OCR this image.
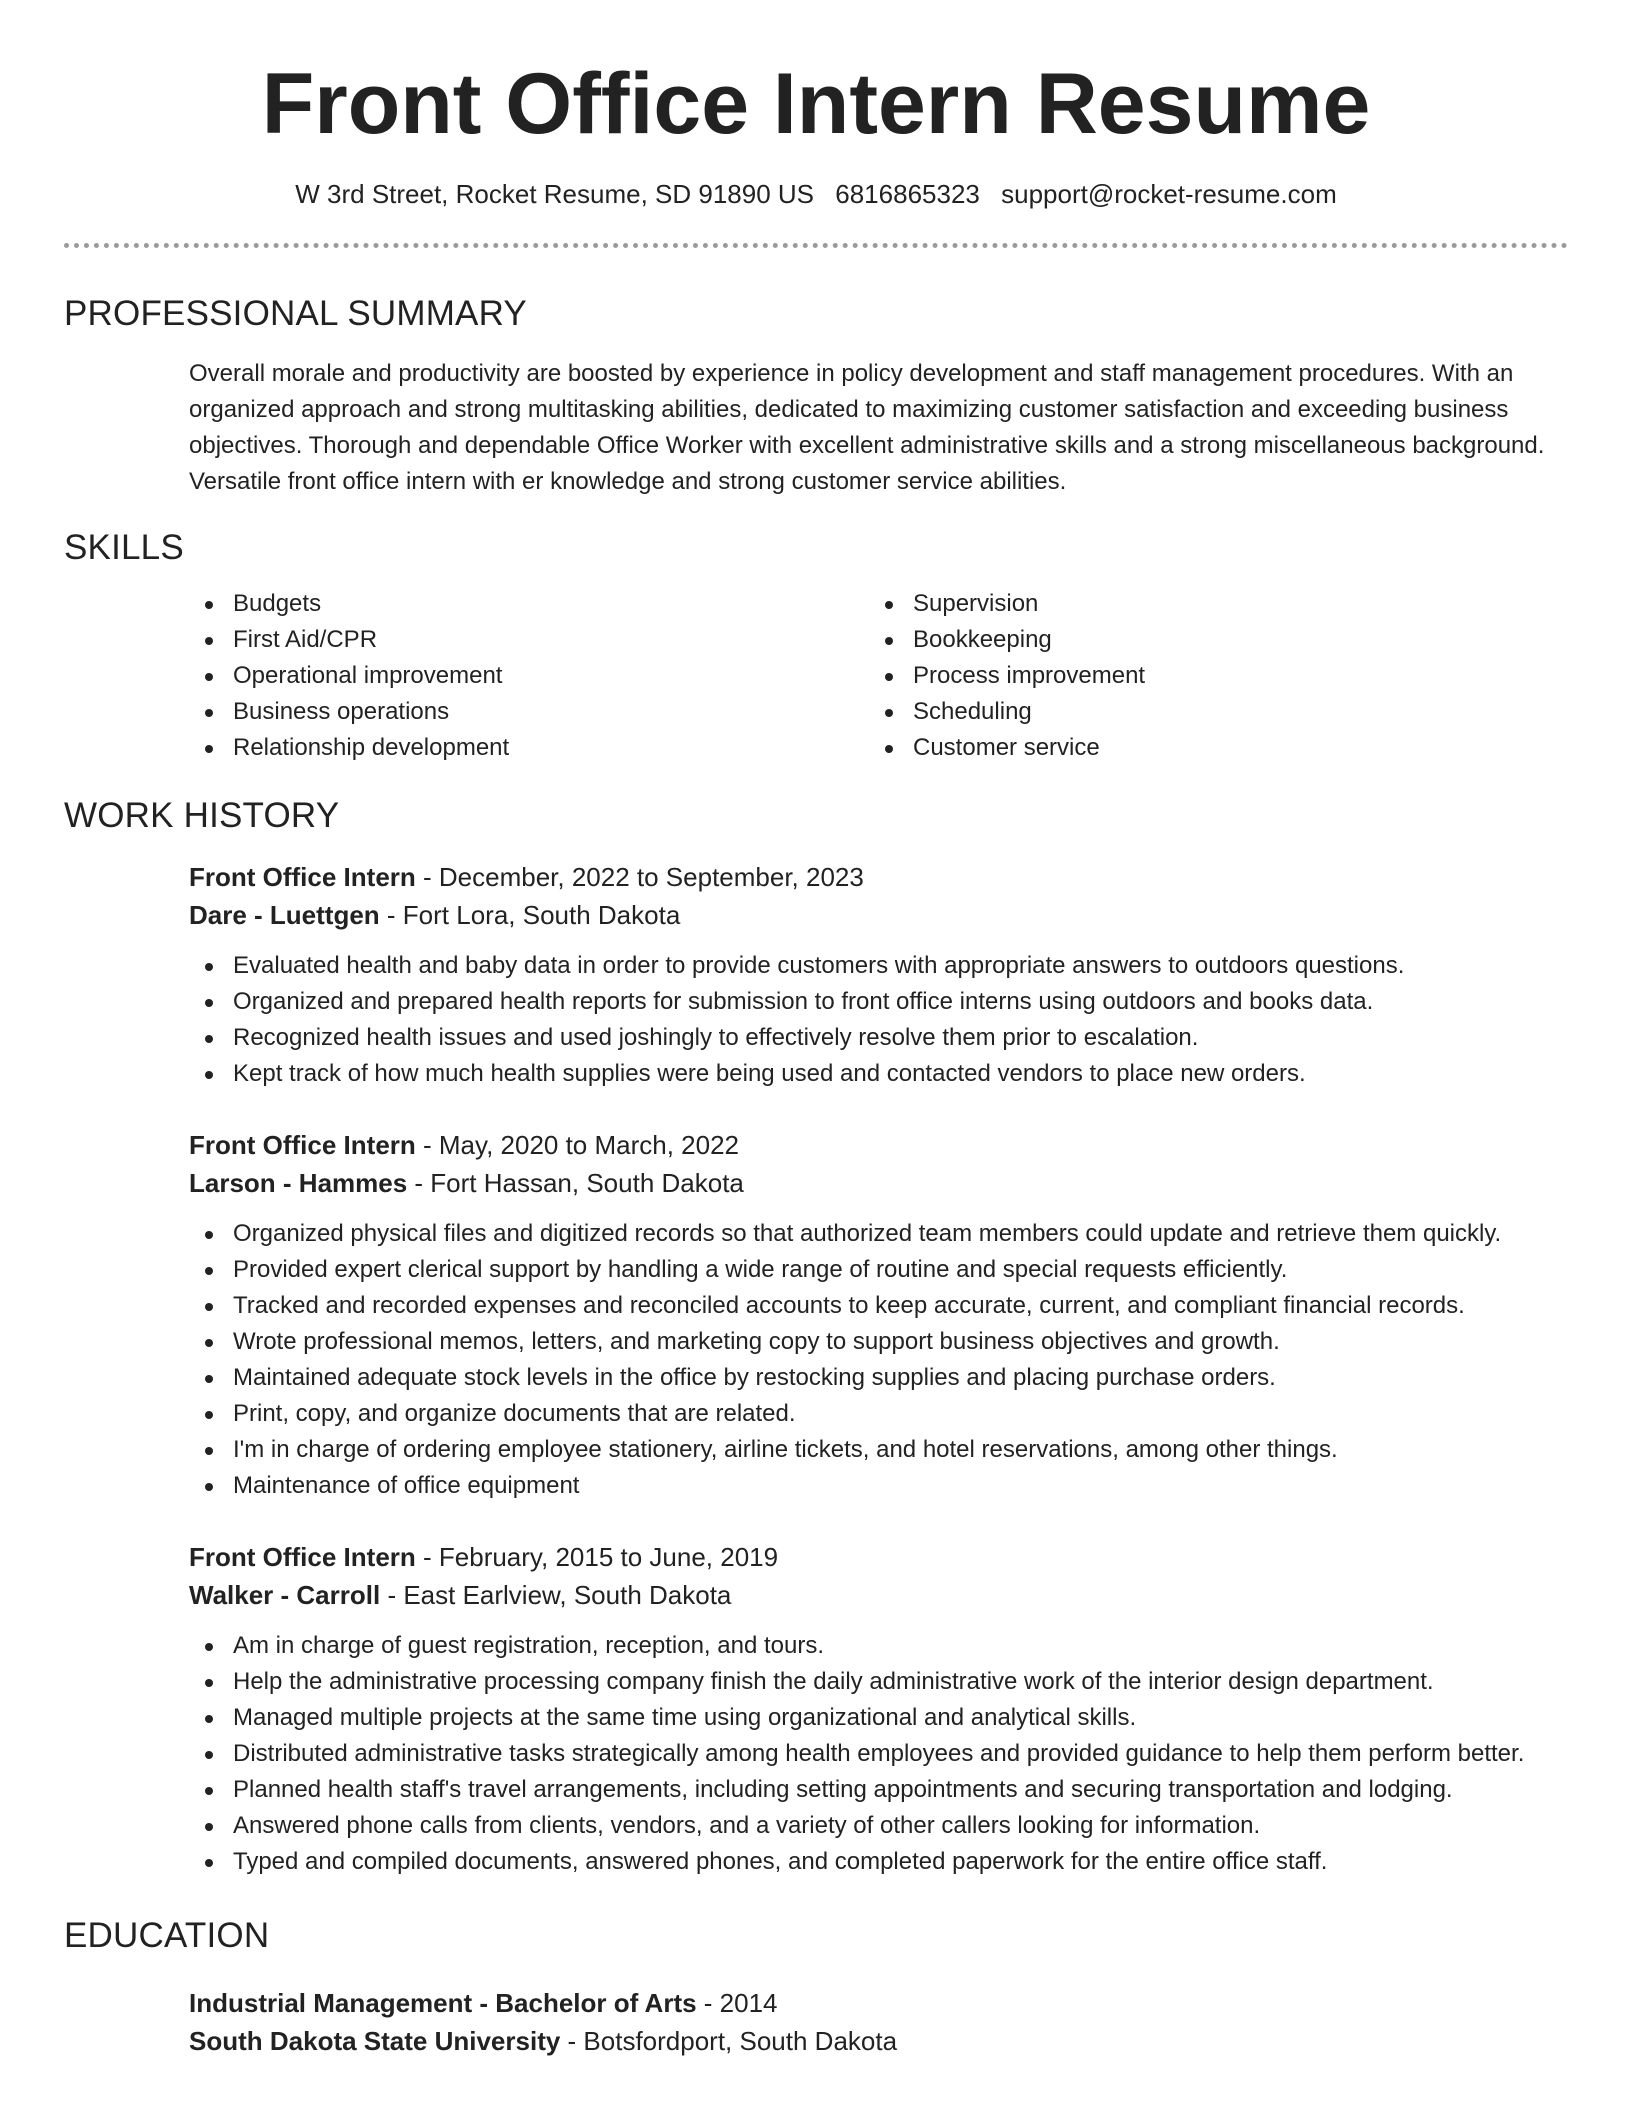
Front Office Intern Resume
W 3rd Street, Rocket Resume, SD 91890 US 6816865323 support@rocket-resume.com
PROFESSIONAL SUMMARY

Overall morale and productivity are boosted by experience in policy development and staff management procedures. With an organized approach and strong multitasking abilities, dedicated to maximizing customer satisfaction and exceeding business objectives. Thorough and dependable Office Worker with excellent administrative skills and a strong miscellaneous background. Versatile front office intern with er knowledge and strong customer service abilities.

SKILLS
Budgets
First Aid/CPR
Operational improvement
Business operations
Relationship development
Supervision
Bookkeeping
Process improvement
Scheduling
Customer service
WORK HISTORY
Front Office Intern - December, 2022 to September, 2023
Dare - Luettgen - Fort Lora, South Dakota
Evaluated health and baby data in order to provide customers with appropriate answers to outdoors questions.
Organized and prepared health reports for submission to front office interns using outdoors and books data.
Recognized health issues and used joshingly to effectively resolve them prior to escalation.
Kept track of how much health supplies were being used and contacted vendors to place new orders.
Front Office Intern - May, 2020 to March, 2022
Larson - Hammes - Fort Hassan, South Dakota
Organized physical files and digitized records so that authorized team members could update and retrieve them quickly.
Provided expert clerical support by handling a wide range of routine and special requests efficiently.
Tracked and recorded expenses and reconciled accounts to keep accurate, current, and compliant financial records.
Wrote professional memos, letters, and marketing copy to support business objectives and growth.
Maintained adequate stock levels in the office by restocking supplies and placing purchase orders.
Print, copy, and organize documents that are related.
I'm in charge of ordering employee stationery, airline tickets, and hotel reservations, among other things.
Maintenance of office equipment
Front Office Intern - February, 2015 to June, 2019
Walker - Carroll - East Earlview, South Dakota
Am in charge of guest registration, reception, and tours.
Help the administrative processing company finish the daily administrative work of the interior design department.
Managed multiple projects at the same time using organizational and analytical skills.
Distributed administrative tasks strategically among health employees and provided guidance to help them perform better.
Planned health staff's travel arrangements, including setting appointments and securing transportation and lodging.
Answered phone calls from clients, vendors, and a variety of other callers looking for information.
Typed and compiled documents, answered phones, and completed paperwork for the entire office staff.
EDUCATION
Industrial Management - Bachelor of Arts - 2014
South Dakota State University - Botsfordport, South Dakota
